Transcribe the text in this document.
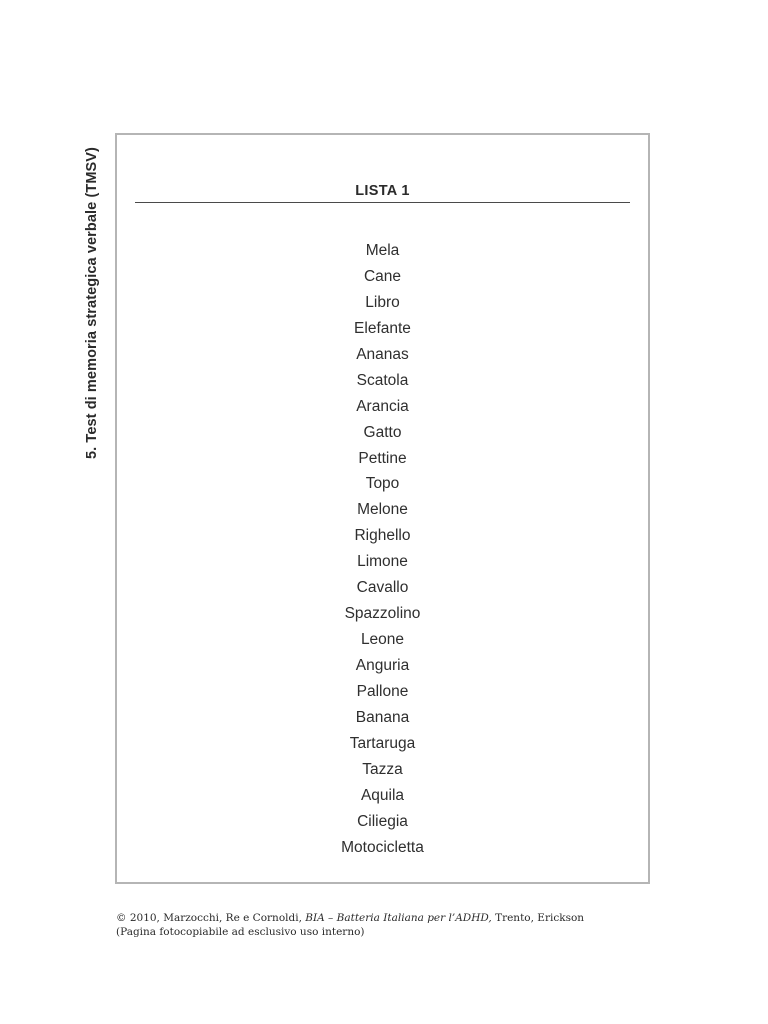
5. Test di memoria strategica verbale (TMSV)	LISTA 1
Mela
Cane
Libro
Elefante
Ananas
Scatola
Arancia
Gatto
Pettine
Topo
Melone
Righello
Limone
Cavallo
Spazzolino
Leone
Anguria
Pallone
Banana
Tartaruga
Tazza
Aquila
Ciliegia
Motocicletta
© 2010, Marzocchi, Re e Cornoldi, BIA – Batteria Italiana per l’ADHD, Trento, Erickson
(Pagina fotocopiabile ad esclusivo uso interno)
